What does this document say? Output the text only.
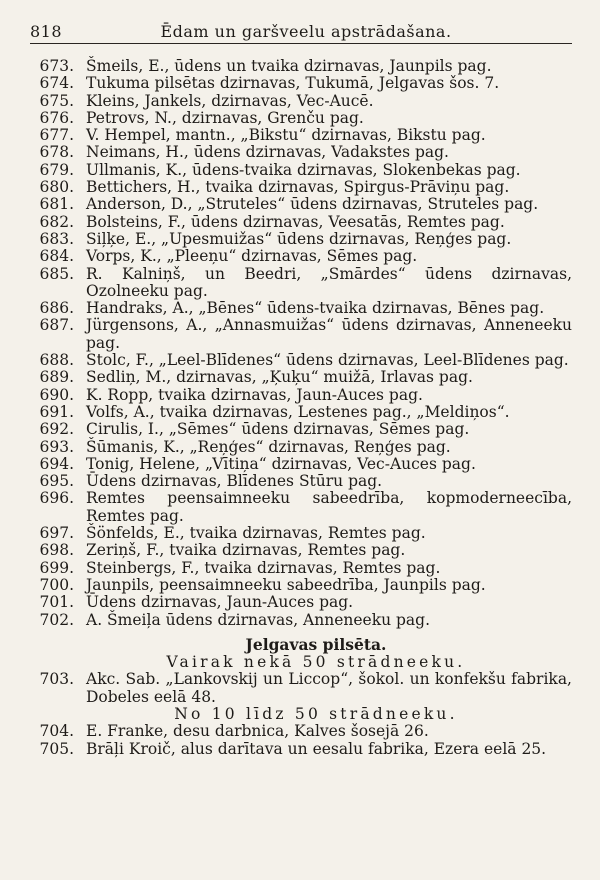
818	Ēdam un garšveelu apstrādašana.
673. Šmeils, E., ūdens un tvaika dzirnavas, Jaunpils pag.
674. Tukuma pilsētas dzirnavas, Tukumā, Jelgavas šos. 7.
675. Kleins, Jankels, dzirnavas, Vec-Aucē.
676. Petrovs, N., dzirnavas, Grenču pag.
677. V. Hempel, mantn., „Bikstu“ dzirnavas, Bikstu pag.
678. Neimans, H., ūdens dzirnavas, Vadakstes pag.
679. Ullmanis, K., ūdens-tvaika dzirnavas, Slokenbekas pag.
680. Bettichers, H., tvaika dzirnavas, Spirgus-Prāviņu pag.
681. Anderson, D., „Struteles“ ūdens dzirnavas, Struteles pag.
682. Bolsteins, F., ūdens dzirnavas, Veesatās, Remtes pag.
683. Siļķe, E., „Upesmuižas“ ūdens dzirnavas, Reņģes pag.
684. Vorps, K., „Pleeņu“ dzirnavas, Sēmes pag.
685. R. Kalniņš, un Beedri, „Smārdes“ ūdens dzirnavas, Ozolneeku pag.
686. Handraks, A., „Bēnes“ ūdens-tvaika dzirnavas, Bēnes pag.
687. Jürgensons, A., „Annasmuižas“ ūdens dzirnavas, Anneneeku pag.
688. Stolc, F., „Leel-Blīdenes“ ūdens dzirnavas, Leel-Blīdenes pag.
689. Sedliņ, M., dzirnavas, „Ķuķu“ muižā, Irlavas pag.
690. K. Ropp, tvaika dzirnavas, Jaun-Auces pag.
691. Volfs, A., tvaika dzirnavas, Lestenes pag., „Meldiņos“.
692. Cirulis, I., „Sēmes“ ūdens dzirnavas, Sēmes pag.
693. Šūmanis, K., „Reņģes“ dzirnavas, Reņģes pag.
694. Tonig, Helene, „Vītiņa“ dzirnavas, Vec-Auces pag.
695. Ūdens dzirnavas, Blīdenes Stūru pag.
696. Remtes peensaimneeku sabeedrība, kopmoderneecība, Remtes pag.
697. Šönfelds, E., tvaika dzirnavas, Remtes pag.
698. Zeriņš, F., tvaika dzirnavas, Remtes pag.
699. Steinbergs, F., tvaika dzirnavas, Remtes pag.
700. Jaunpils, peensaimneeku sabeedrība, Jaunpils pag.
701. Ūdens dzirnavas, Jaun-Auces pag.
702. A. Šmeiļa ūdens dzirnavas, Anneneeku pag.
Jelgavas pilsēta.
Vairak nekā 50 strādneeku.
703. Akc. Sab. „Lankovskij un Liccop“, šokol. un konfekšu fabrika, Dobeles eelā 48.
No 10 līdz 50 strādneeku.
704. E. Franke, desu darbnica, Kalves šosejā 26.
705. Brāļi Kroič, alus darītava un eesalu fabrika, Ezera eelā 25.
